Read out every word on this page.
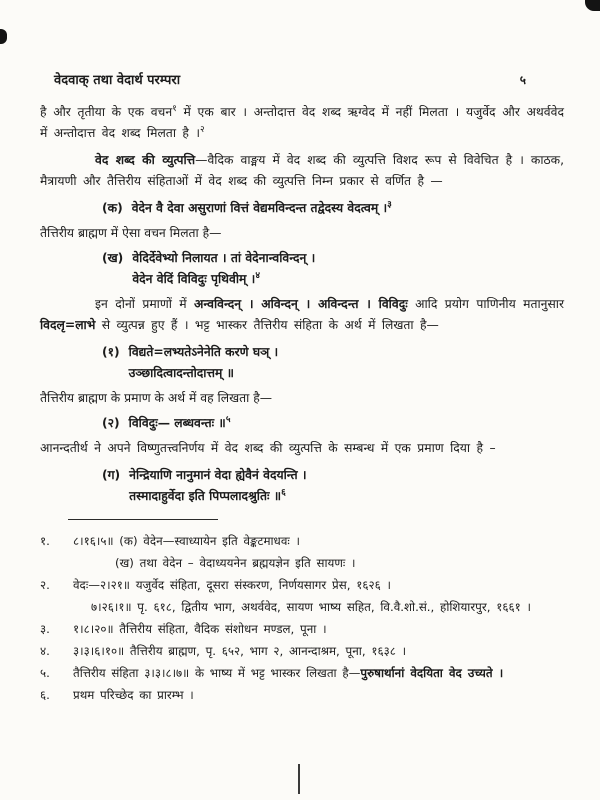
वेदवाक् तथा वेदार्थ परम्परा	५

है और तृतीया के एक वचन$^१$ में एक बार । अन्तोदात्त वेद शब्द ऋग्वेद में नहीं मिलता । यजुर्वेद और अथर्ववेद में अन्तोदात्त वेद शब्द मिलता है ।$^२$

वेद शब्द की व्युत्पत्ति—वैदिक वाङ्मय में वेद शब्द की व्युत्पत्ति विशद रूप से विवेचित है । काठक, मैत्रायणी और तैत्तिरीय संहिताओं में वेद शब्द की व्युत्पत्ति निम्न प्रकार से वर्णित है —

(क) वेदेन वै देवा असुराणां वित्तं वेद्यमविन्दन्त तद्वेदस्य वेदत्वम् ।$^३$
तैत्तिरीय ब्राह्मण में ऐसा वचन मिलता है—
(ख) वेदिर्देवेभ्यो निलायत । तां वेदेनान्वविन्दन् ।
वेदेन वेदिं विविदुः पृथिवीम् ।$^४$

इन दोनों प्रमाणों में अन्वविन्दन् । अविन्दन् । अविन्दन्त । विविदुः आदि प्रयोग पाणिनीय मतानुसार विदलृ=लाभे से व्युत्पन्न हुए हैं । भट्ट भास्कर तैत्तिरीय संहिता के अर्थ में लिखता है—

(१) विद्यते=लभ्यतेऽनेनेति करणे घञ् ।
उञ्छादित्वादन्तोदात्तम् ॥
तैत्तिरीय ब्राह्मण के प्रमाण के अर्थ में वह लिखता है—
(२) विविदुः— लब्धवन्तः ॥$^५$

आनन्दतीर्थ ने अपने विष्णुतत्त्वनिर्णय में वेद शब्द की व्युत्पत्ति के सम्बन्ध में एक प्रमाण दिया है –

(ग) नेन्द्रियाणि नानुमानं वेदा ह्येवैनं वेदयन्ति ।
तस्मादाहुर्वेदा इति पिप्पलादश्रुतिः ॥$^६$
१.	८।१६।५॥ (क) वेदेन—स्वाध्यायेन इति वेङ्कटमाधवः ।
(ख) तथा वेदेन – वेदाध्ययनेन ब्रह्मयज्ञेन इति सायणः ।
२.	वेदः—२।२१॥ यजुर्वेद संहिता, दूसरा संस्करण, निर्णयसागर प्रेस, १६२६ ।
७।२६।१॥ पृ. ६१८, द्वितीय भाग, अथर्ववेद, सायण भाष्य सहित, वि.वै.शो.सं., होशियारपुर, १६६१ ।
३.	१।८।२०॥ तैत्तिरीय संहिता, वैदिक संशोधन मण्डल, पूना ।
४.	३।३।६।१०॥ तैत्तिरीय ब्राह्मण, पृ. ६५२, भाग २, आनन्दाश्रम, पूना, १६३८ ।
५.	तैत्तिरीय संहिता ३।३।८।७॥ के भाष्य में भट्ट भास्कर लिखता है—पुरुषार्थानां वेदयिता वेद उच्यते ।
६.	प्रथम परिच्छेद का प्रारम्भ ।
